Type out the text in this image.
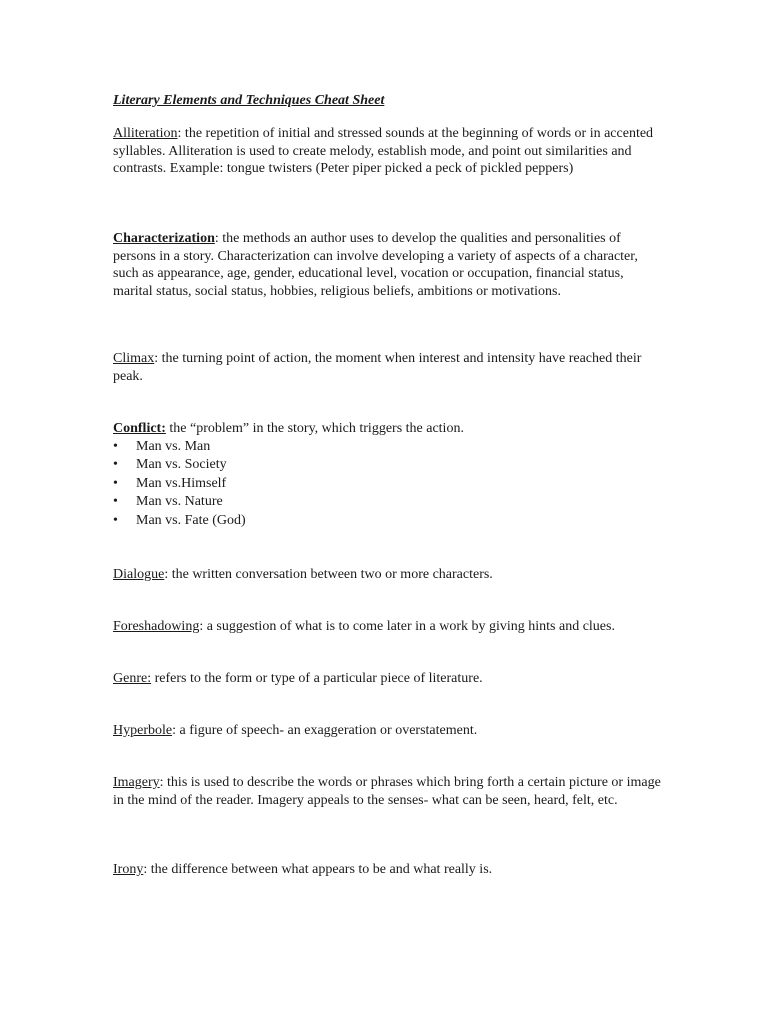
Literary Elements and Techniques Cheat Sheet

Alliteration: the repetition of initial and stressed sounds at the beginning of words or in accented syllables. Alliteration is used to create melody, establish mode, and point out similarities and contrasts. Example: tongue twisters (Peter piper picked a peck of pickled peppers)

Characterization: the methods an author uses to develop the qualities and personalities of persons in a story. Characterization can involve developing a variety of aspects of a character, such as appearance, age, gender, educational level, vocation or occupation, financial status, marital status, social status, hobbies, religious beliefs, ambitions or motivations.

Climax: the turning point of action, the moment when interest and intensity have reached their peak.

Conflict: the “problem” in the story, which triggers the action.

• Man vs. Man
• Man vs. Society
• Man vs.Himself
• Man vs. Nature
• Man vs. Fate (God)

Dialogue: the written conversation between two or more characters.

Foreshadowing: a suggestion of what is to come later in a work by giving hints and clues.

Genre: refers to the form or type of a particular piece of literature.

Hyperbole: a figure of speech- an exaggeration or overstatement.

Imagery: this is used to describe the words or phrases which bring forth a certain picture or image in the mind of the reader. Imagery appeals to the senses- what can be seen, heard, felt, etc.

Irony: the difference between what appears to be and what really is.
